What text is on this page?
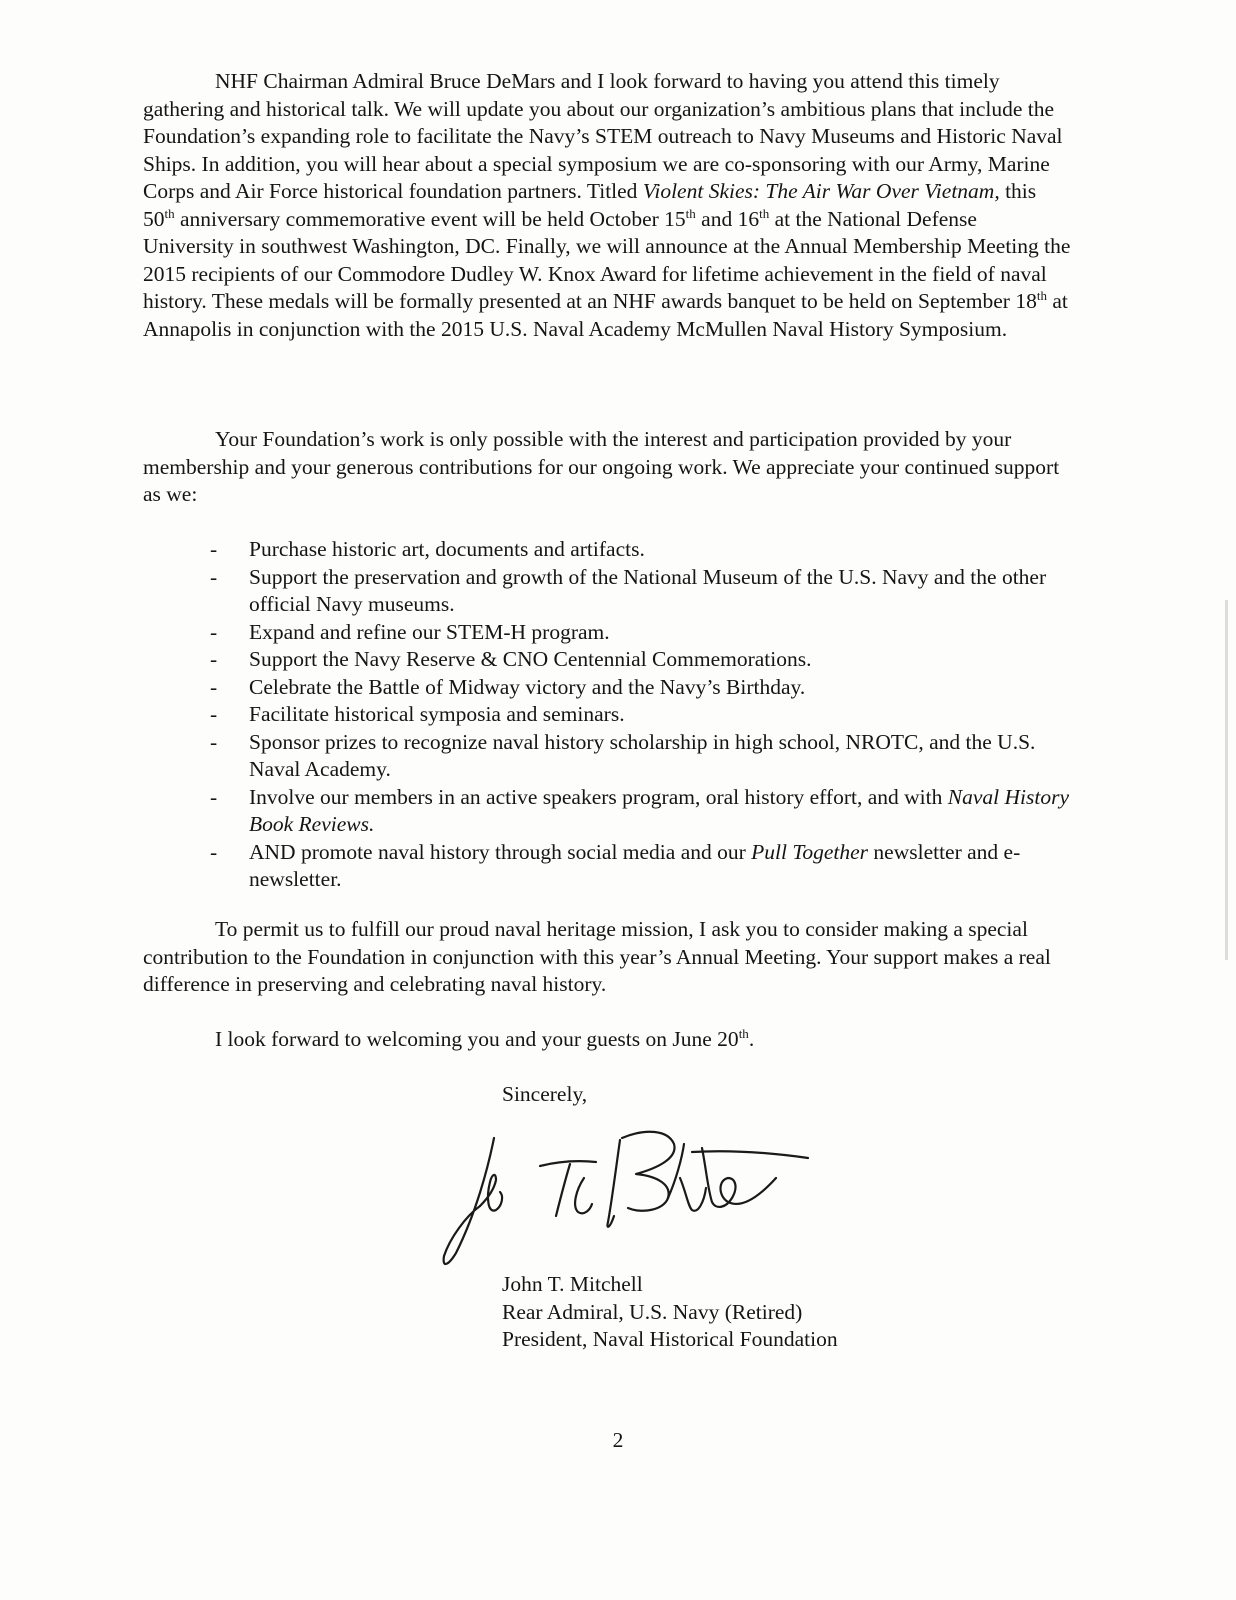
NHF Chairman Admiral Bruce DeMars and I look forward to having you attend this timely gathering and historical talk. We will update you about our organization’s ambitious plans that include the Foundation’s expanding role to facilitate the Navy’s STEM outreach to Navy Museums and Historic Naval Ships. In addition, you will hear about a special symposium we are co-sponsoring with our Army, Marine Corps and Air Force historical foundation partners. Titled Violent Skies: The Air War Over Vietnam, this 50th anniversary commemorative event will be held October 15th and 16th at the National Defense University in southwest Washington, DC. Finally, we will announce at the Annual Membership Meeting the 2015 recipients of our Commodore Dudley W. Knox Award for lifetime achievement in the field of naval history. These medals will be formally presented at an NHF awards banquet to be held on September 18th at Annapolis in conjunction with the 2015 U.S. Naval Academy McMullen Naval History Symposium.

Your Foundation’s work is only possible with the interest and participation provided by your membership and your generous contributions for our ongoing work. We appreciate your continued support as we:

- Purchase historic art, documents and artifacts.
- Support the preservation and growth of the National Museum of the U.S. Navy and the other official Navy museums.
- Expand and refine our STEM-H program.
- Support the Navy Reserve & CNO Centennial Commemorations.
- Celebrate the Battle of Midway victory and the Navy’s Birthday.
- Facilitate historical symposia and seminars.
- Sponsor prizes to recognize naval history scholarship in high school, NROTC, and the U.S. Naval Academy.
- Involve our members in an active speakers program, oral history effort, and with Naval History Book Reviews.
- AND promote naval history through social media and our Pull Together newsletter and e-newsletter.

To permit us to fulfill our proud naval heritage mission, I ask you to consider making a special contribution to the Foundation in conjunction with this year’s Annual Meeting. Your support makes a real difference in preserving and celebrating naval history.

I look forward to welcoming you and your guests on June 20th.

Sincerely,

John T. Mitchell
Rear Admiral, U.S. Navy (Retired)
President, Naval Historical Foundation
2
